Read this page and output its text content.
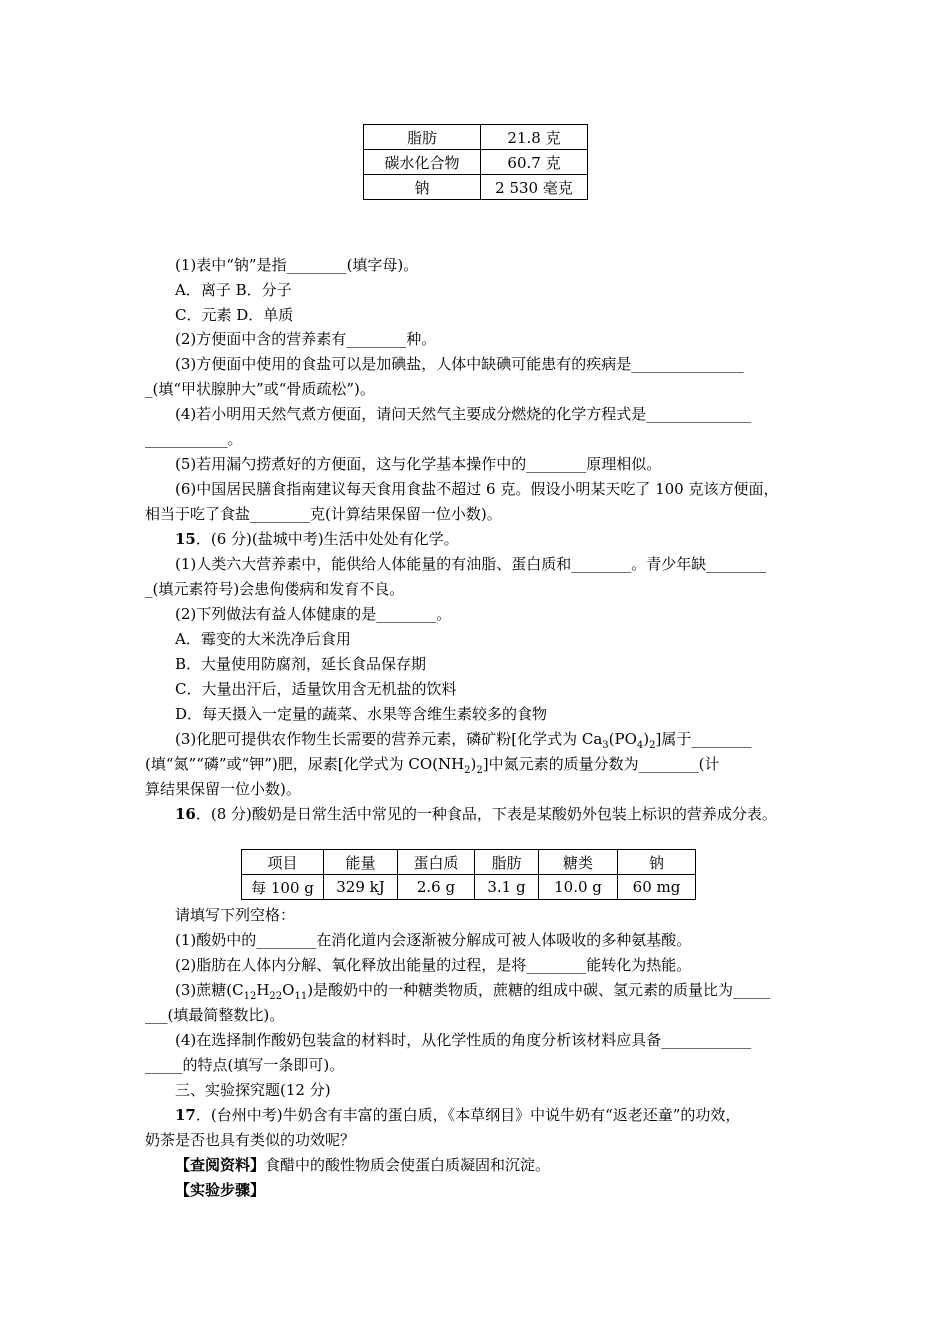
脂肪	21.8 克
碳水化合物	60.7 克
钠	2 530 毫克
(1)表中“钠”是指________(填字母)。
A．离子 B．分子
C．元素 D．单质
(2)方便面中含的营养素有________种。
(3)方便面中使用的食盐可以是加碘盐，人体中缺碘可能患有的疾病是_______________
_(填“甲状腺肿大”或“骨质疏松”)。
(4)若小明用天然气煮方便面，请问天然气主要成分燃烧的化学方程式是______________
___________。
(5)若用漏勺捞煮好的方便面，这与化学基本操作中的________原理相似。
(6)中国居民膳食指南建议每天食用食盐不超过 6 克。假设小明某天吃了 100 克该方便面，
相当于吃了食盐________克(计算结果保留一位小数)。
15．(6 分)(盐城中考)生活中处处有化学。
(1)人类六大营养素中，能供给人体能量的有油脂、蛋白质和________。青少年缺________
_(填元素符号)会患佝偻病和发育不良。
(2)下列做法有益人体健康的是________。
A．霉变的大米洗净后食用
B．大量使用防腐剂，延长食品保存期
C．大量出汗后，适量饮用含无机盐的饮料
D．每天摄入一定量的蔬菜、水果等含维生素较多的食物
(3)化肥可提供农作物生长需要的营养元素，磷矿粉[化学式为 $Ca_3(PO_4)_2$]属于________
(填“氮”“磷”或“钾”)肥，尿素[化学式为 $CO(NH_2)_2$]中氮元素的质量分数为________(计
算结果保留一位小数)。
16．(8 分)酸奶是日常生活中常见的一种食品，下表是某酸奶外包装上标识的营养成分表。
项目	能量	蛋白质	脂肪	糖类	钠
每 100 g	329 kJ	2.6 g	3.1 g	10.0 g	60 mg
请填写下列空格：
(1)酸奶中的________在消化道内会逐渐被分解成可被人体吸收的多种氨基酸。
(2)脂肪在人体内分解、氧化释放出能量的过程，是将________能转化为热能。
(3)蔗糖$(C_{12}H_{22}O_{11})$是酸奶中的一种糖类物质，蔗糖的组成中碳、氢元素的质量比为_____
___(填最简整数比)。
(4)在选择制作酸奶包装盒的材料时，从化学性质的角度分析该材料应具备____________
_____的特点(填写一条即可)。
三、实验探究题(12 分)
17．(台州中考)牛奶含有丰富的蛋白质，《本草纲目》中说牛奶有“返老还童”的功效，
奶茶是否也具有类似的功效呢？
【查阅资料】食醋中的酸性物质会使蛋白质凝固和沉淀。
【实验步骤】
